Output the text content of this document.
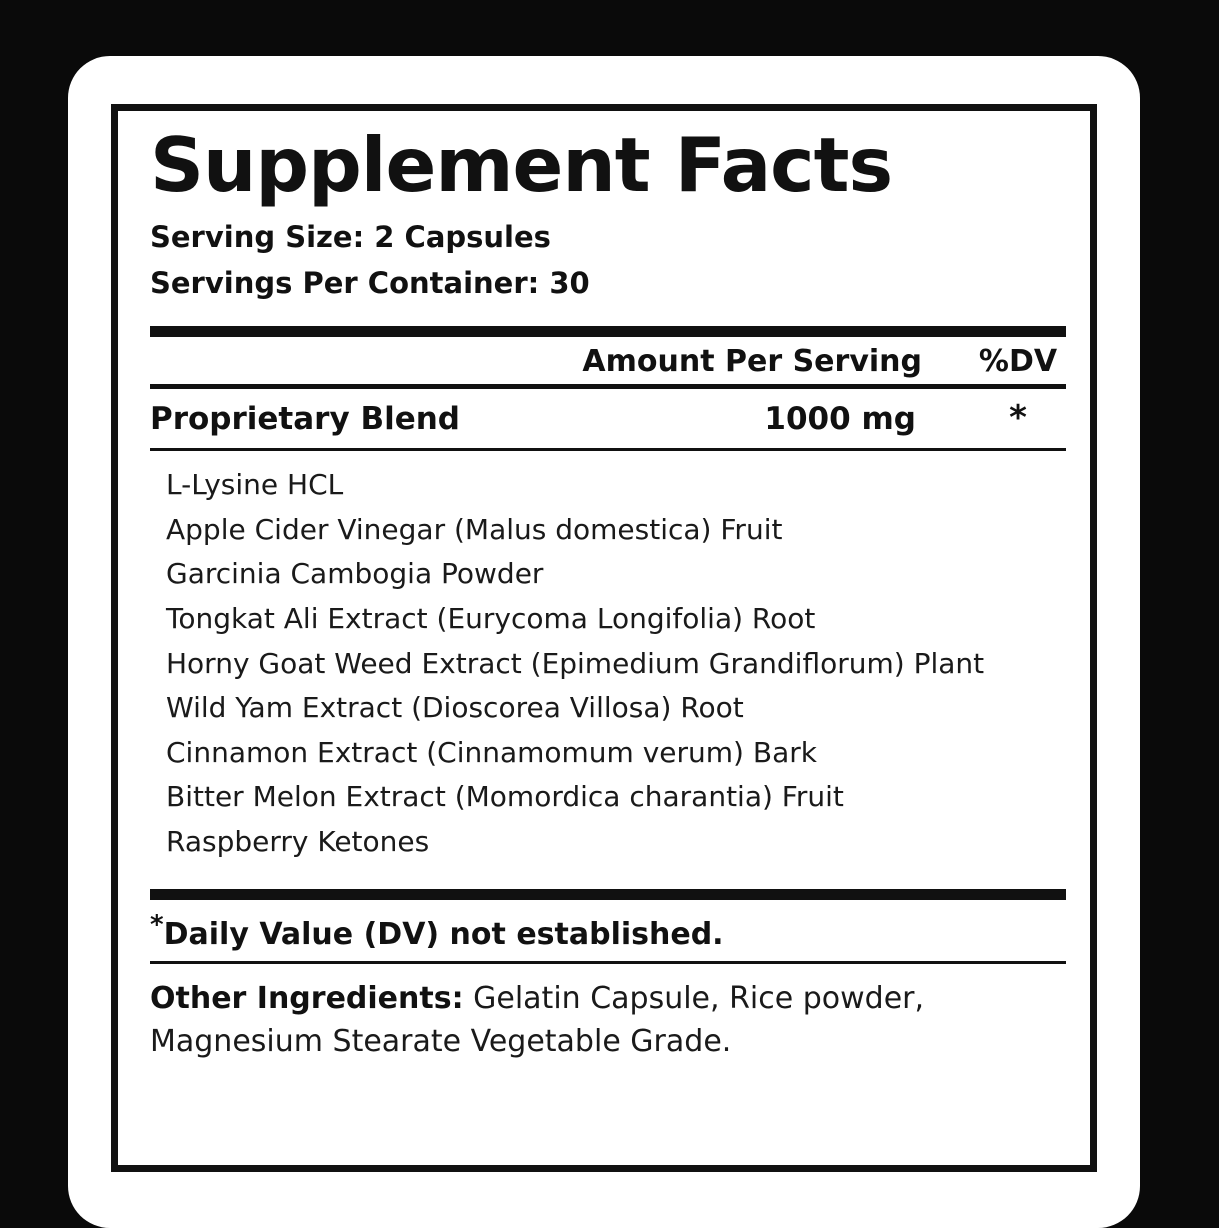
Supplement Facts
Serving Size: 2 Capsules
Servings Per Container: 30
Amount Per Serving %DV
Proprietary Blend	1000 mg	*
L-Lysine HCL
Apple Cider Vinegar (Malus domestica) Fruit
Garcinia Cambogia Powder
Tongkat Ali Extract (Eurycoma Longifolia) Root
Horny Goat Weed Extract (Epimedium Grandiflorum) Plant
Wild Yam Extract (Dioscorea Villosa) Root
Cinnamon Extract (Cinnamomum verum) Bark
Bitter Melon Extract (Momordica charantia) Fruit
Raspberry Ketones
*Daily Value (DV) not established.
Other Ingredients: Gelatin Capsule, Rice powder, Magnesium Stearate Vegetable Grade.
